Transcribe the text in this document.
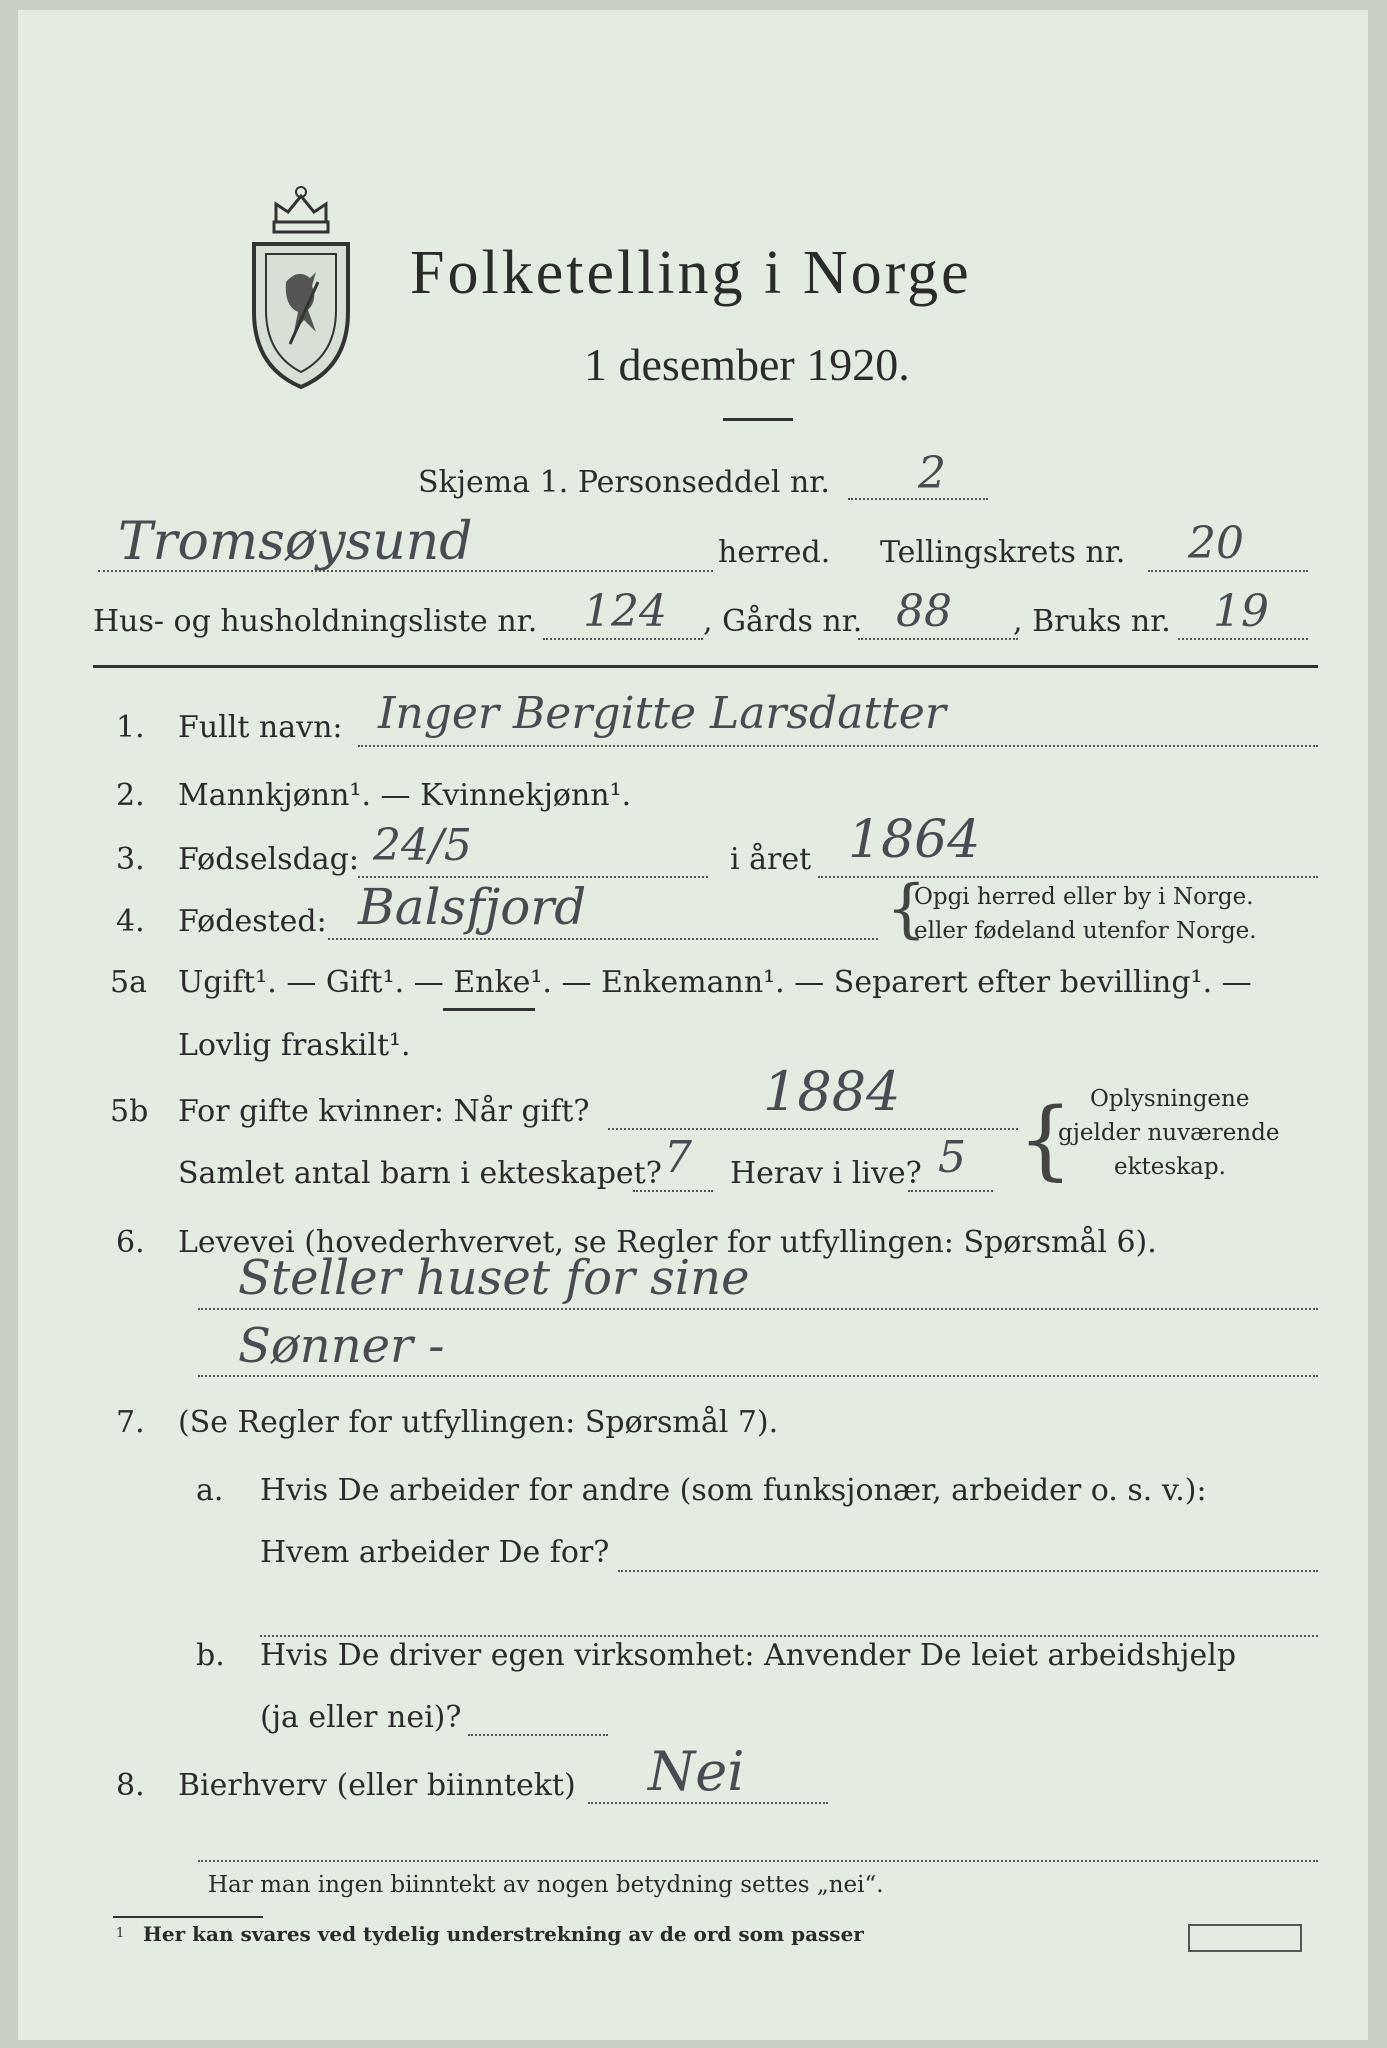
Folketelling i Norge
1 desember 1920.
Skjema 1. Personseddel nr. 2
Tromsøysund	herred. Tellingskrets nr. 20
Hus- og husholdningsliste nr. 124 , Gårds nr. 88 , Bruks nr. 19
1. Fullt navn: Inger Bergitte Larsdatter
2. Mannkjønn¹. — Kvinnekjønn¹.
3. Fødselsdag: 24/5	i året 1864
4. Fødested: Balsfjord	{
Opgi herred eller by i Norge.
eller fødeland utenfor Norge.
5a Ugift¹. — Gift¹. — Enke¹. — Enkemann¹. — Separert efter bevilling¹. —
Lovlig fraskilt¹.
5b For gifte kvinner: Når gift?	1884
Samlet antal barn i ekteskapet? 7 Herav i live? 5 { Oplysningene
gjelder nuværende
ekteskap.
6. Levevei (hovederhvervet, se Regler for utfyllingen: Spørsmål 6).
Steller huset for sine
Sønner -
7. (Se Regler for utfyllingen: Spørsmål 7).
a. Hvis De arbeider for andre (som funksjonær, arbeider o. s. v.):
Hvem arbeider De for?
b. Hvis De driver egen virksomhet: Anvender De leiet arbeidshjelp
(ja eller nei)?
8. Bierhverv (eller biinntekt) Nei
Har man ingen biinntekt av nogen betydning settes „nei“.
1 Her kan svares ved tydelig understrekning av de ord som passer
